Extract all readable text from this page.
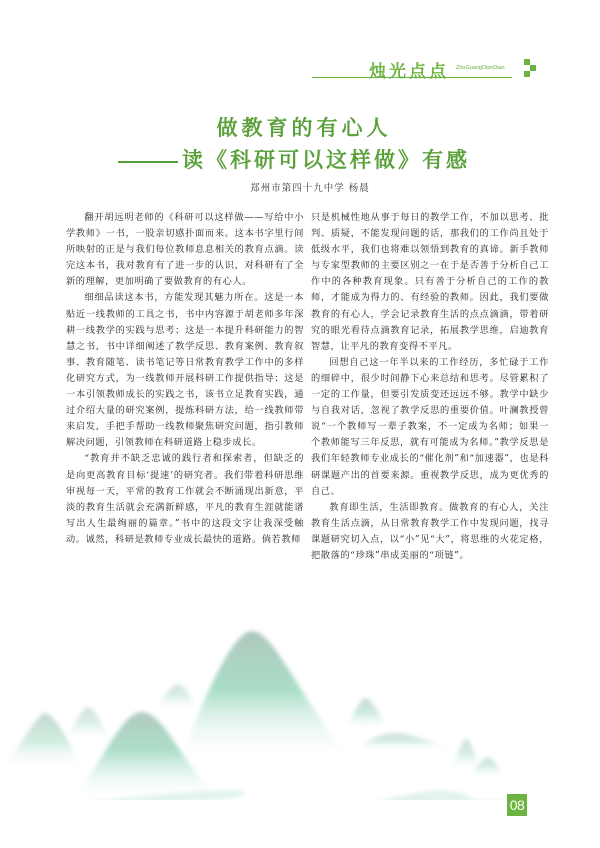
烛光点点 ZhuGuangDianDian
做教育的有心人
读《科研可以这样做》有感
郑州市第四十九中学 杨晨

翻开胡远明老师的《科研可以这样做——写给中小学教师》一书，一股亲切感扑面而来。这本书字里行间所映射的正是与我们每位教师息息相关的教育点滴。读完这本书，我对教育有了进一步的认识，对科研有了全新的理解，更加明确了要做教育的有心人。

细细品读这本书，方能发现其魅力所在。这是一本贴近一线教师的工具之书，书中内容源于胡老师多年深耕一线教学的实践与思考；这是一本提升科研能力的智慧之书，书中详细阐述了教学反思、教育案例、教育叙事、教育随笔、读书笔记等日常教育教学工作中的多样化研究方式，为一线教师开展科研工作提供指导；这是一本引领教师成长的实践之书，该书立足教育实践，通过介绍大量的研究案例，提炼科研方法，给一线教师带来启发，手把手帮助一线教师聚焦研究问题，指引教师解决问题，引领教师在科研道路上稳步成长。

“教育并不缺乏忠诚的践行者和探索者，但缺乏的是向更高教育目标‘提速’的研究者。我们带着科研思维审视每一天，平常的教育工作就会不断涌现出新意，平淡的教育生活就会充满新鲜感，平凡的教育生涯就能谱写出人生最绚丽的篇章。”书中的这段文字让我深受触动。诚然，科研是教师专业成长最快的道路。倘若教师

只是机械性地从事于每日的教学工作，不加以思考、批判、质疑，不能发现问题的话，那我们的工作尚且处于低级水平，我们也将难以领悟到教育的真谛。新手教师与专家型教师的主要区别之一在于是否善于分析自己工作中的各种教育现象。只有善于分析自己的工作的教师，才能成为得力的、有经验的教师。因此，我们要做教育的有心人，学会记录教育生活的点点滴滴，带着研究的眼光看待点滴教育记录，拓展教学思维，启迪教育智慧，让平凡的教育变得不平凡。

回想自己这一年半以来的工作经历，多忙碌于工作的细碎中，很少时间静下心来总结和思考。尽管累积了一定的工作量，但要引发质变还远远不够。教学中缺少与自我对话，忽视了教学反思的重要价值。叶澜教授曾说“一个教师写一辈子教案，不一定成为名师；如果一个教师能写三年反思，就有可能成为名师。”教学反思是我们年轻教师专业成长的“催化剂”和“加速器”，也是科研课题产出的首要来源。重视教学反思，成为更优秀的自己。

教育即生活，生活即教育。做教育的有心人，关注教育生活点滴，从日常教育教学工作中发现问题，找寻课题研究切入点，以“小”见“大”，将思维的火花定格，把散落的“珍珠”串成美丽的“项链”。

08
